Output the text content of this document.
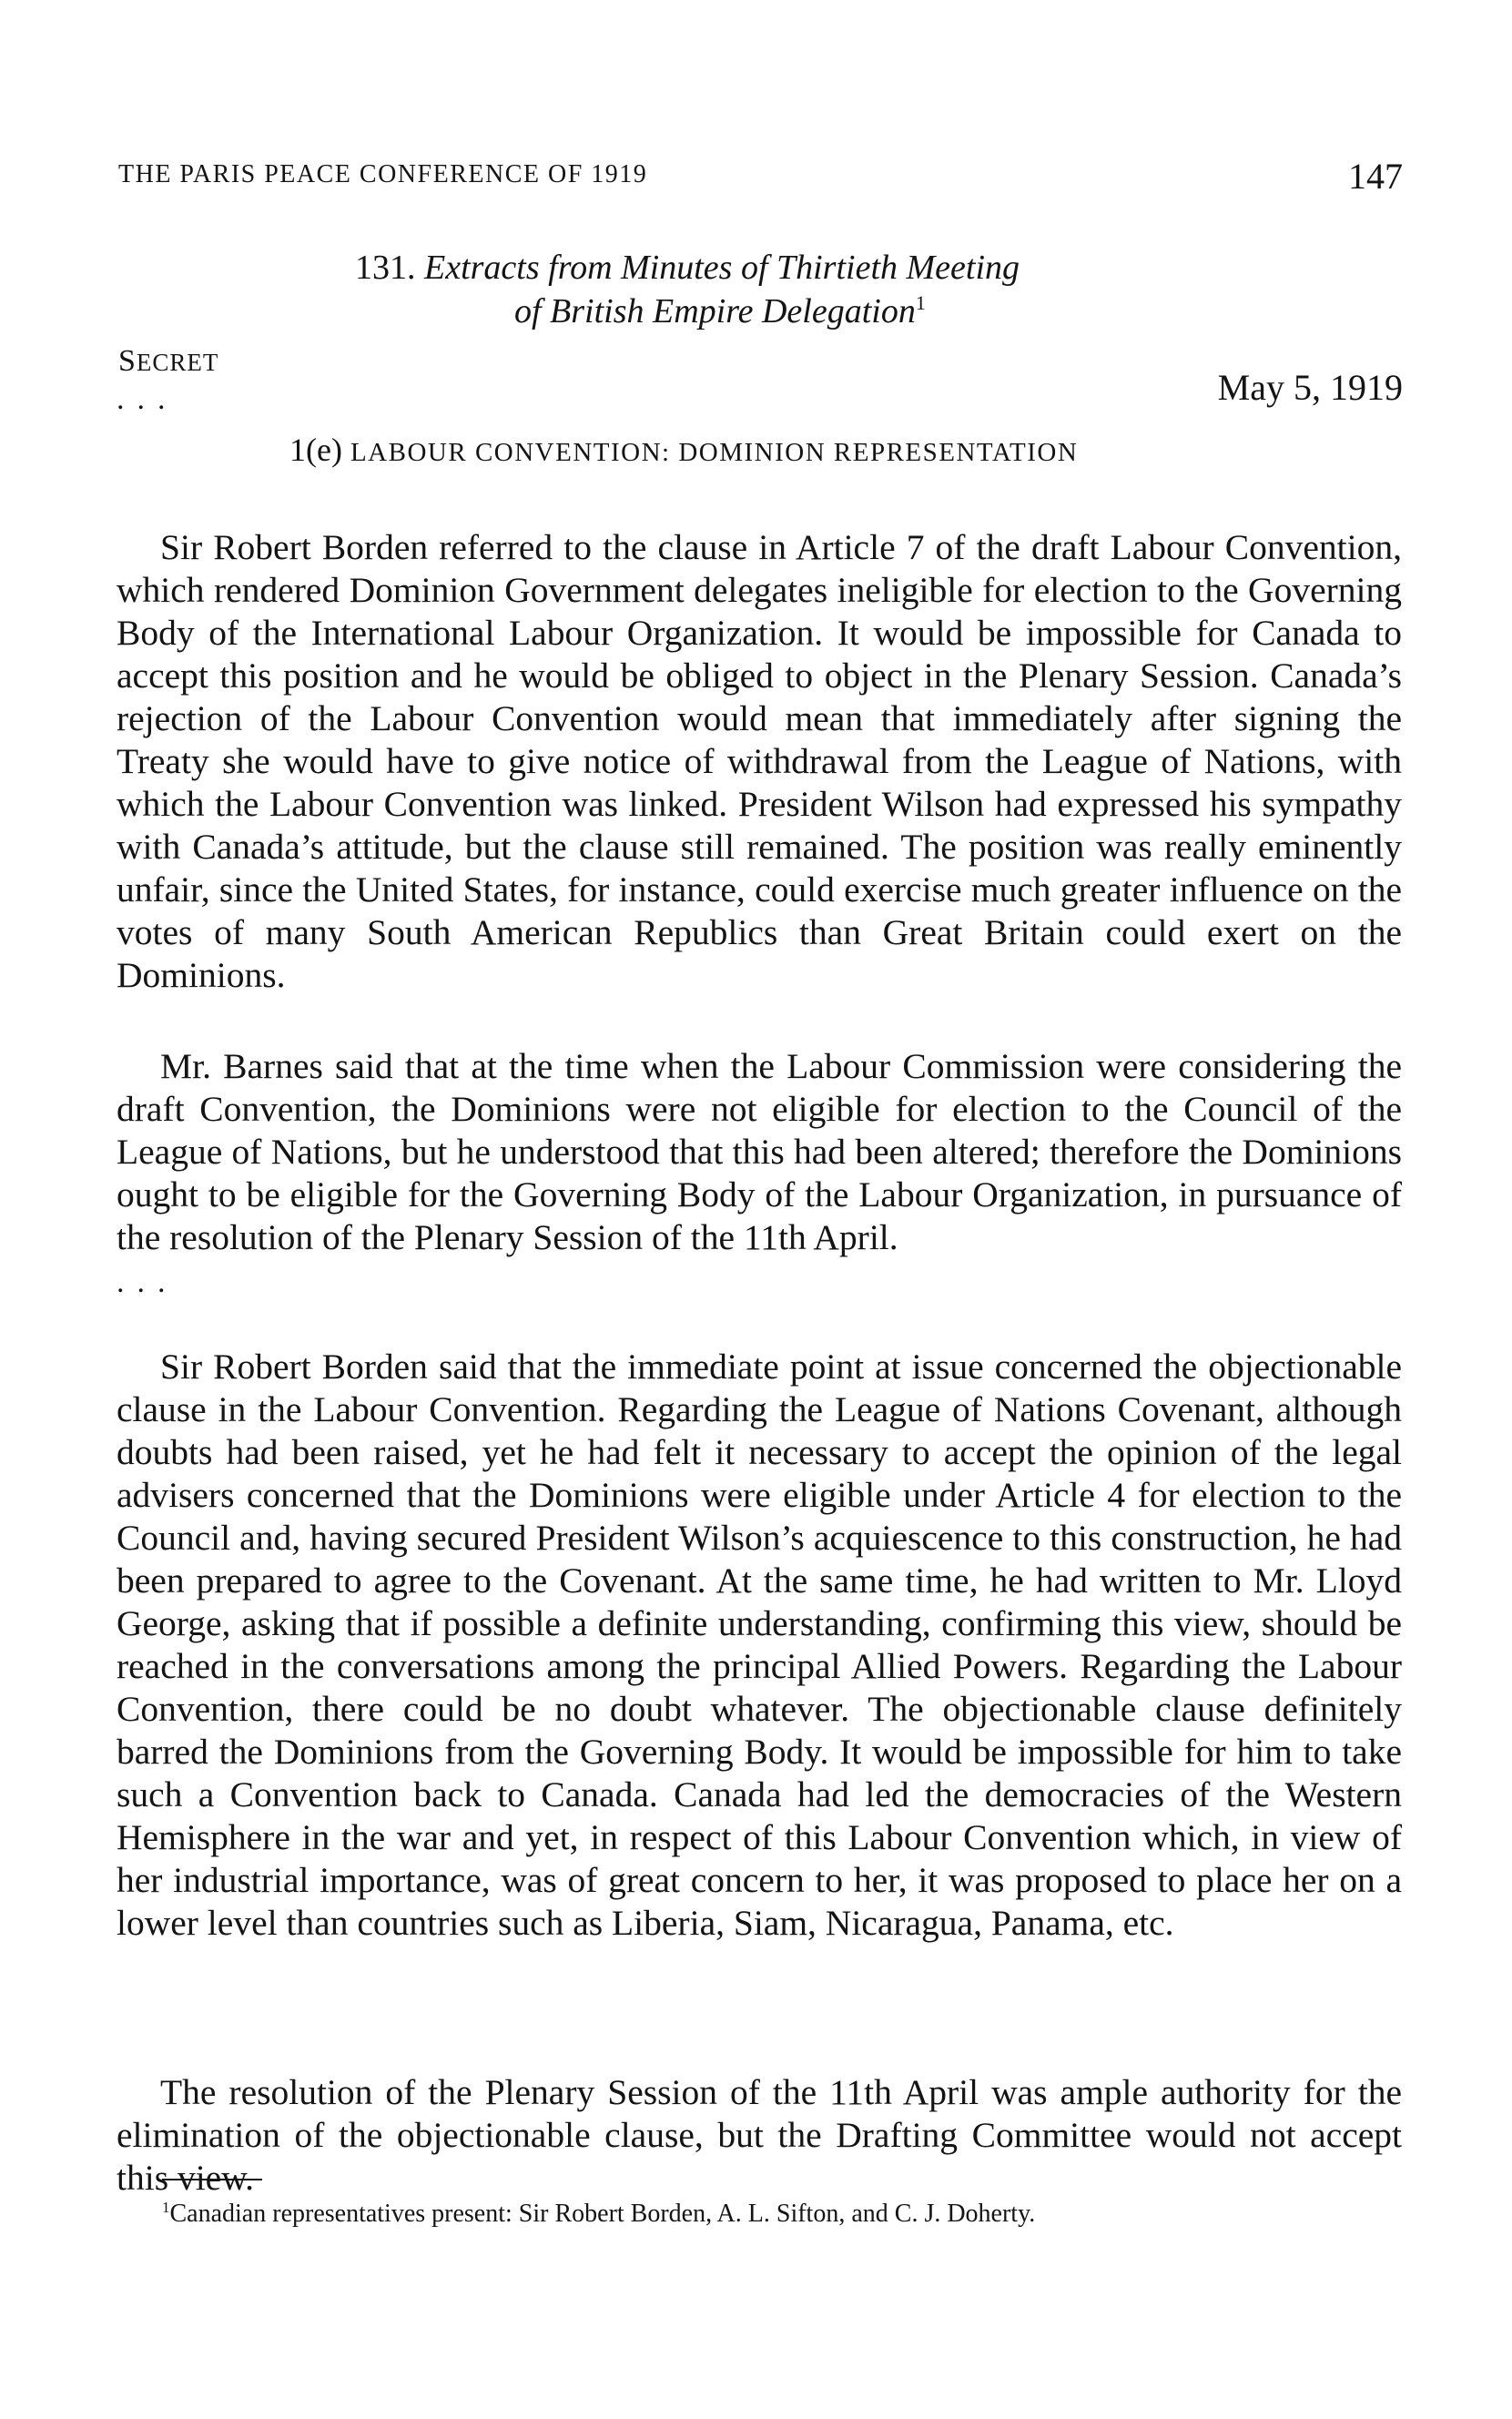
THE PARIS PEACE CONFERENCE OF 1919	147
131. Extracts from Minutes of Thirtieth Meeting
of British Empire Delegation$^1$
SECRET
...	May 5, 1919
1(e) LABOUR CONVENTION: DOMINION REPRESENTATION

Sir Robert Borden referred to the clause in Article 7 of the draft Labour Convention, which rendered Dominion Government delegates ineligible for election to the Governing Body of the International Labour Organization. It would be impossible for Canada to accept this position and he would be obliged to object in the Plenary Session. Canada’s rejection of the Labour Convention would mean that immediately after signing the Treaty she would have to give notice of withdrawal from the League of Nations, with which the Labour Convention was linked. President Wilson had expressed his sympathy with Canada’s attitude, but the clause still remained. The position was really eminently unfair, since the United States, for instance, could exercise much greater influence on the votes of many South American Republics than Great Britain could exert on the Dominions.

Mr. Barnes said that at the time when the Labour Commission were considering the draft Convention, the Dominions were not eligible for election to the Council of the League of Nations, but he understood that this had been altered; therefore the Dominions ought to be eligible for the Governing Body of the Labour Organization, in pursuance of the resolution of the Plenary Session of the 11th April.

...

Sir Robert Borden said that the immediate point at issue concerned the objectionable clause in the Labour Convention. Regarding the League of Nations Covenant, although doubts had been raised, yet he had felt it necessary to accept the opinion of the legal advisers concerned that the Dominions were eligible under Article 4 for election to the Council and, having secured President Wilson’s acquiescence to this construction, he had been prepared to agree to the Covenant. At the same time, he had written to Mr. Lloyd George, asking that if possible a definite understanding, confirming this view, should be reached in the conversations among the principal Allied Powers. Regarding the Labour Convention, there could be no doubt whatever. The objectionable clause definitely barred the Dominions from the Governing Body. It would be impossible for him to take such a Convention back to Canada. Canada had led the democracies of the Western Hemisphere in the war and yet, in respect of this Labour Convention which, in view of her industrial importance, was of great concern to her, it was proposed to place her on a lower level than countries such as Liberia, Siam, Nicaragua, Panama, etc.

The resolution of the Plenary Session of the 11th April was ample authority for the elimination of the objectionable clause, but the Drafting Committee would not accept this view.

$^1$Canadian representatives present: Sir Robert Borden, A. L. Sifton, and C. J. Doherty.
